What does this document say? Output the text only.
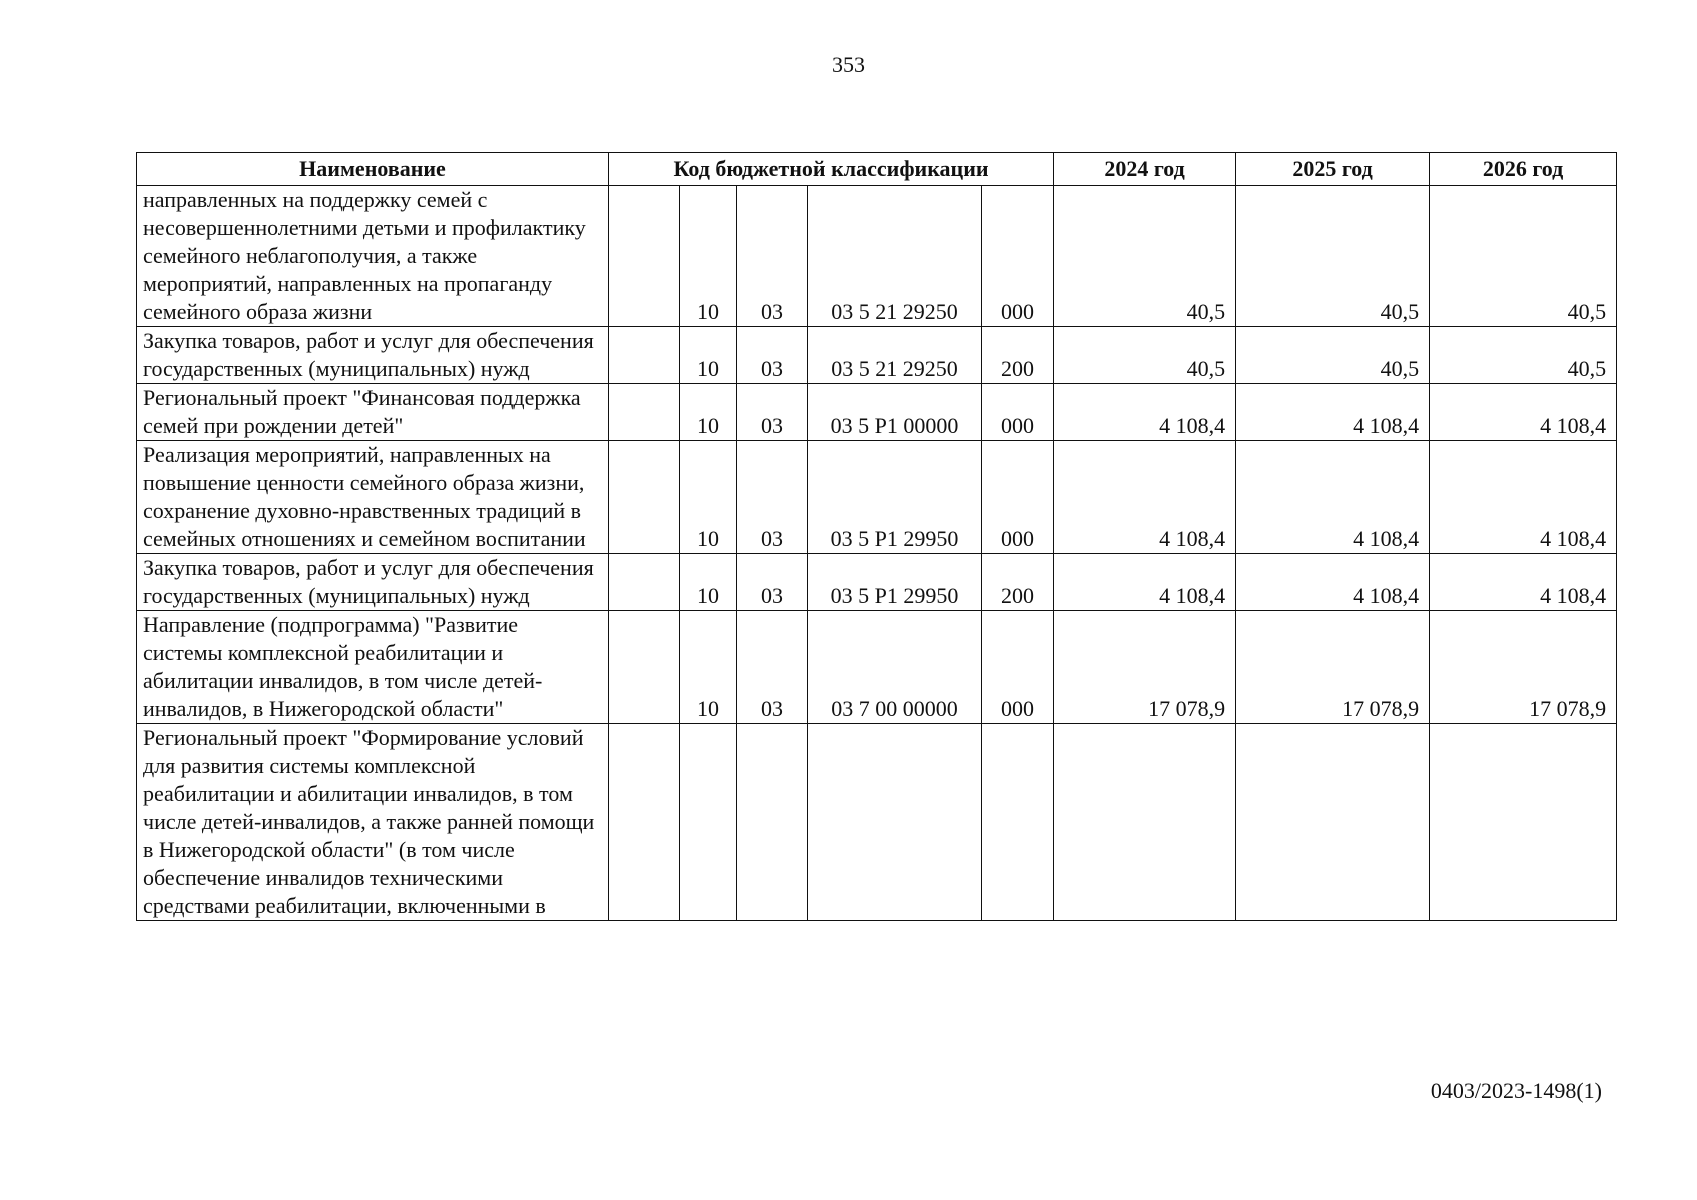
353
Наименование	Код бюджетной классификации					2024 год	2025 год	2026 год
направленных на поддержку семей с несовершеннолетними детьми и профилактику семейного неблагополучия, а также мероприятий, направленных на пропаганду семейного образа жизни		10	03	03 5 21 29250	000	40,5	40,5	40,5
Закупка товаров, работ и услуг для обеспечения государственных (муниципальных) нужд		10	03	03 5 21 29250	200	40,5	40,5	40,5
Региональный проект "Финансовая поддержка семей при рождении детей"		10	03	03 5 P1 00000	000	4 108,4	4 108,4	4 108,4
Реализация мероприятий, направленных на повышение ценности семейного образа жизни, сохранение духовно-нравственных традиций в семейных отношениях и семейном воспитании		10	03	03 5 P1 29950	000	4 108,4	4 108,4	4 108,4
Закупка товаров, работ и услуг для обеспечения государственных (муниципальных) нужд		10	03	03 5 P1 29950	200	4 108,4	4 108,4	4 108,4
Направление (подпрограмма) "Развитие системы комплексной реабилитации и абилитации инвалидов, в том числе детей-инвалидов, в Нижегородской области"		10	03	03 7 00 00000	000	17 078,9	17 078,9	17 078,9
Региональный проект "Формирование условий для развития системы комплексной реабилитации и абилитации инвалидов, в том числе детей-инвалидов, а также ранней помощи в Нижегородской области" (в том числе обеспечение инвалидов техническими средствами реабилитации, включенными в								
0403/2023-1498(1)
